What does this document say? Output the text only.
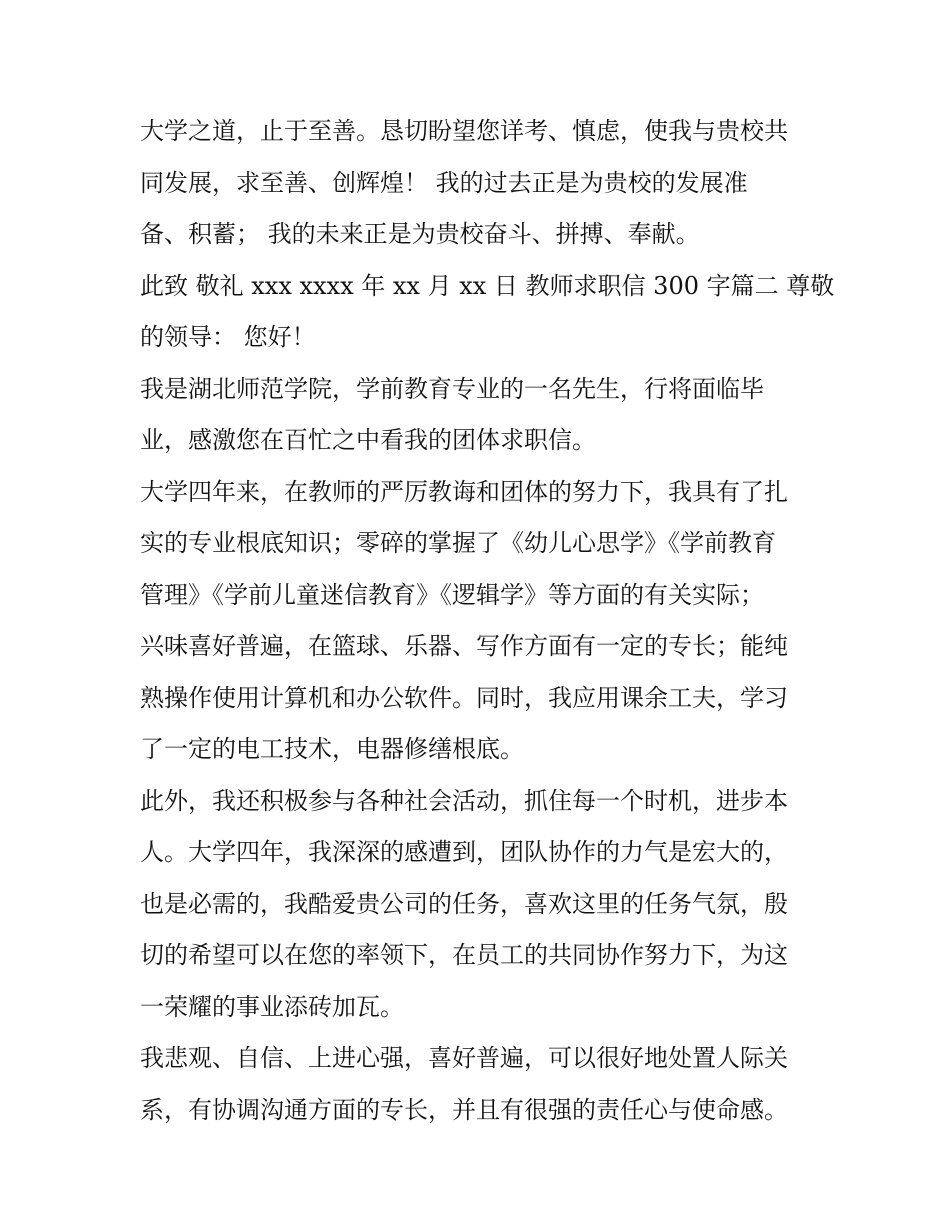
大学之道，止于至善。恳切盼望您详考、慎虑，使我与贵校共
同发展，求至善、创辉煌！ 我的过去正是为贵校的发展准
备、积蓄； 我的未来正是为贵校奋斗、拼搏、奉献。
此致 敬礼 xxx xxxx 年 xx 月 xx 日 教师求职信 300 字篇二 尊敬
的领导： 您好！
我是湖北师范学院，学前教育专业的一名先生，行将面临毕
业，感激您在百忙之中看我的团体求职信。
大学四年来，在教师的严厉教诲和团体的努力下，我具有了扎
实的专业根底知识；零碎的掌握了《幼儿心思学》《学前教育
管理》《学前儿童迷信教育》《逻辑学》等方面的有关实际；
兴味喜好普遍，在篮球、乐器、写作方面有一定的专长；能纯
熟操作使用计算机和办公软件。同时，我应用课余工夫，学习
了一定的电工技术，电器修缮根底。
此外，我还积极参与各种社会活动，抓住每一个时机，进步本
人。大学四年，我深深的感遭到，团队协作的力气是宏大的，
也是必需的，我酷爱贵公司的任务，喜欢这里的任务气氛，殷
切的希望可以在您的率领下，在员工的共同协作努力下，为这
一荣耀的事业添砖加瓦。
我悲观、自信、上进心强，喜好普遍，可以很好地处置人际关
系，有协调沟通方面的专长，并且有很强的责任心与使命感。
